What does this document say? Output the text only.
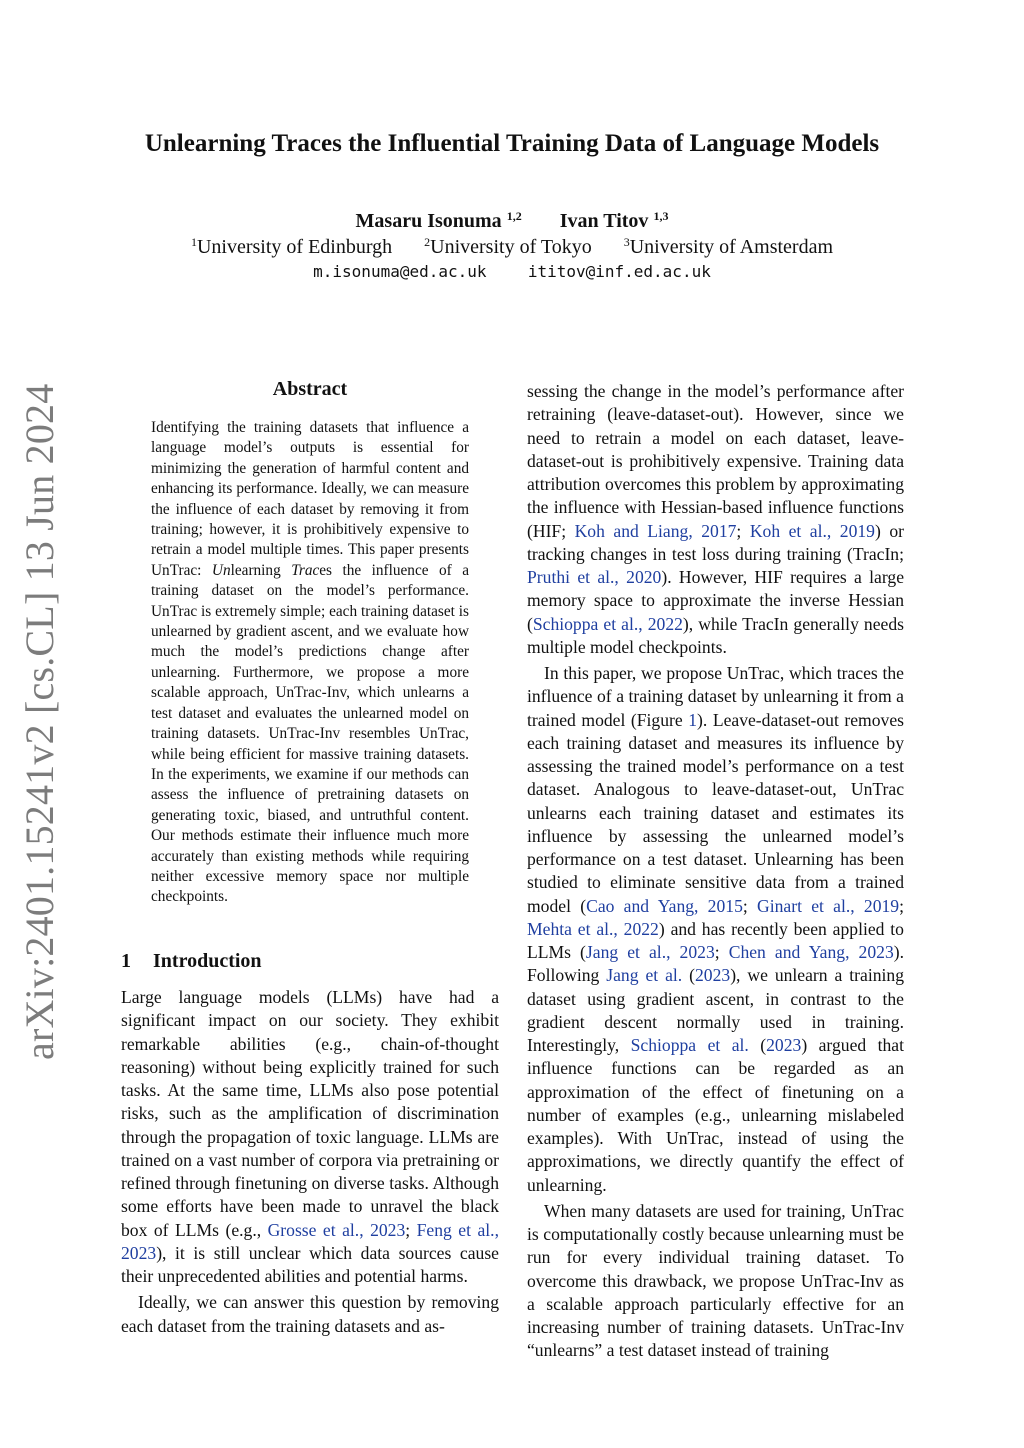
arXiv:2401.15241v2 [cs.CL] 13 Jun 2024
Unlearning Traces the Influential Training Data of Language Models
Masaru Isonuma $^{1,2}$ Ivan Titov $^{1,3}$
$^1$University of Edinburgh	$^2$University of Tokyo	$^3$University of Amsterdam
m.isonuma@ed.ac.uk	ititov@inf.ed.ac.uk
Abstract

Identifying the training datasets that influence a language model’s outputs is essential for minimizing the generation of harmful content and enhancing its performance. Ideally, we can measure the influence of each dataset by removing it from training; however, it is prohibitively expensive to retrain a model multiple times. This paper presents UnTrac: Unlearning Traces the influence of a training dataset on the model’s performance. UnTrac is extremely simple; each training dataset is unlearned by gradient ascent, and we evaluate how much the model’s predictions change after unlearning. Furthermore, we propose a more scalable approach, UnTrac-Inv, which unlearns a test dataset and evaluates the unlearned model on training datasets. UnTrac-Inv resembles UnTrac, while being efficient for massive training datasets. In the experiments, we examine if our methods can assess the influence of pretraining datasets on generating toxic, biased, and untruthful content. Our methods estimate their influence much more accurately than existing methods while requiring neither excessive memory space nor multiple checkpoints.

1 Introduction

Large language models (LLMs) have had a significant impact on our society. They exhibit remarkable abilities (e.g., chain-of-thought reasoning) without being explicitly trained for such tasks. At the same time, LLMs also pose potential risks, such as the amplification of discrimination through the propagation of toxic language. LLMs are trained on a vast number of corpora via pretraining or refined through finetuning on diverse tasks. Although some efforts have been made to unravel the black box of LLMs (e.g., Grosse et al., 2023; Feng et al., 2023), it is still unclear which data sources cause their unprecedented abilities and potential harms.

Ideally, we can answer this question by removing each dataset from the training datasets and as-

sessing the change in the model’s performance after retraining (leave-dataset-out). However, since we need to retrain a model on each dataset, leave-dataset-out is prohibitively expensive. Training data attribution overcomes this problem by approximating the influence with Hessian-based influence functions (HIF; Koh and Liang, 2017; Koh et al., 2019) or tracking changes in test loss during training (TracIn; Pruthi et al., 2020). However, HIF requires a large memory space to approximate the inverse Hessian (Schioppa et al., 2022), while TracIn generally needs multiple model checkpoints.

In this paper, we propose UnTrac, which traces the influence of a training dataset by unlearning it from a trained model (Figure 1). Leave-dataset-out removes each training dataset and measures its influence by assessing the trained model’s performance on a test dataset. Analogous to leave-dataset-out, UnTrac unlearns each training dataset and estimates its influence by assessing the unlearned model’s performance on a test dataset. Unlearning has been studied to eliminate sensitive data from a trained model (Cao and Yang, 2015; Ginart et al., 2019; Mehta et al., 2022) and has recently been applied to LLMs (Jang et al., 2023; Chen and Yang, 2023). Following Jang et al. (2023), we unlearn a training dataset using gradient ascent, in contrast to the gradient descent normally used in training. Interestingly, Schioppa et al. (2023) argued that influence functions can be regarded as an approximation of the effect of finetuning on a number of examples (e.g., unlearning mislabeled examples). With UnTrac, instead of using the approximations, we directly quantify the effect of unlearning.

When many datasets are used for training, UnTrac is computationally costly because unlearning must be run for every individual training dataset. To overcome this drawback, we propose UnTrac-Inv as a scalable approach particularly effective for an increasing number of training datasets. UnTrac-Inv “unlearns” a test dataset instead of training
